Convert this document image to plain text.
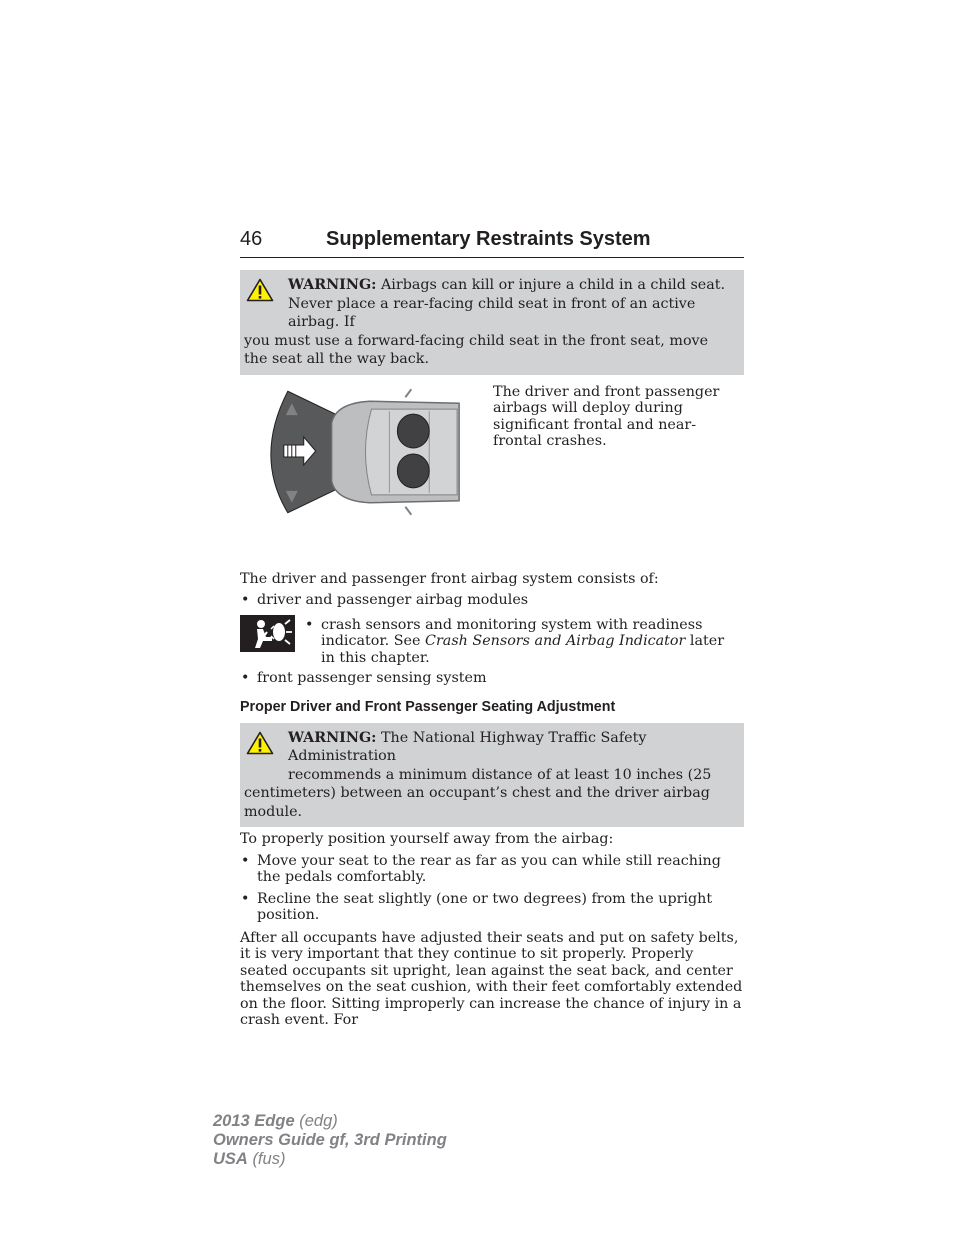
46	Supplementary Restraints System
WARNING: Airbags can kill or injure a child in a child seat.
Never place a rear-facing child seat in front of an active airbag. If
you must use a forward-facing child seat in the front seat, move the seat all the way back.

The driver and front passenger airbags will deploy during significant frontal and near-frontal crashes.

The driver and passenger front airbag system consists of:

• driver and passenger airbag modules
• crash sensors and monitoring system with readiness indicator. See Crash Sensors and Airbag Indicator later in this chapter.
• front passenger sensing system
Proper Driver and Front Passenger Seating Adjustment
WARNING: The National Highway Traffic Safety Administration
recommends a minimum distance of at least 10 inches (25
centimeters) between an occupant’s chest and the driver airbag module.

To properly position yourself away from the airbag:

• Move your seat to the rear as far as you can while still reaching the pedals comfortably.
• Recline the seat slightly (one or two degrees) from the upright position.

After all occupants have adjusted their seats and put on safety belts, it is very important that they continue to sit properly. Properly seated occupants sit upright, lean against the seat back, and center themselves on the seat cushion, with their feet comfortably extended on the floor. Sitting improperly can increase the chance of injury in a crash event. For

2013 Edge (edg)
Owners Guide gf, 3rd Printing
USA (fus)
